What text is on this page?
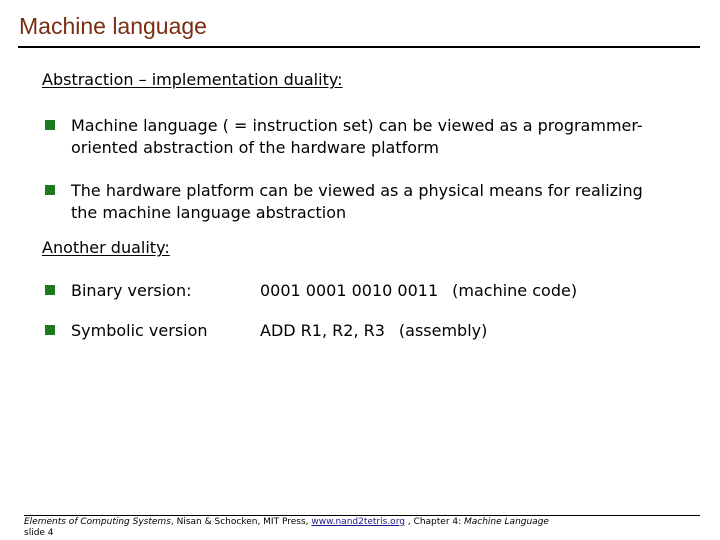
Machine language
Abstraction – implementation duality:
Machine language ( = instruction set) can be viewed as a programmer-
oriented abstraction of the hardware platform
The hardware platform can be viewed as a physical means for realizing
the machine language abstraction
Another duality:
Binary version:	0001 0001 0010 0011 (machine code)
Symbolic version	ADD R1, R2, R3 (assembly)
Elements of Computing Systems, Nisan & Schocken, MIT Press, www.nand2tetris.org , Chapter 4: Machine Language
slide 4
